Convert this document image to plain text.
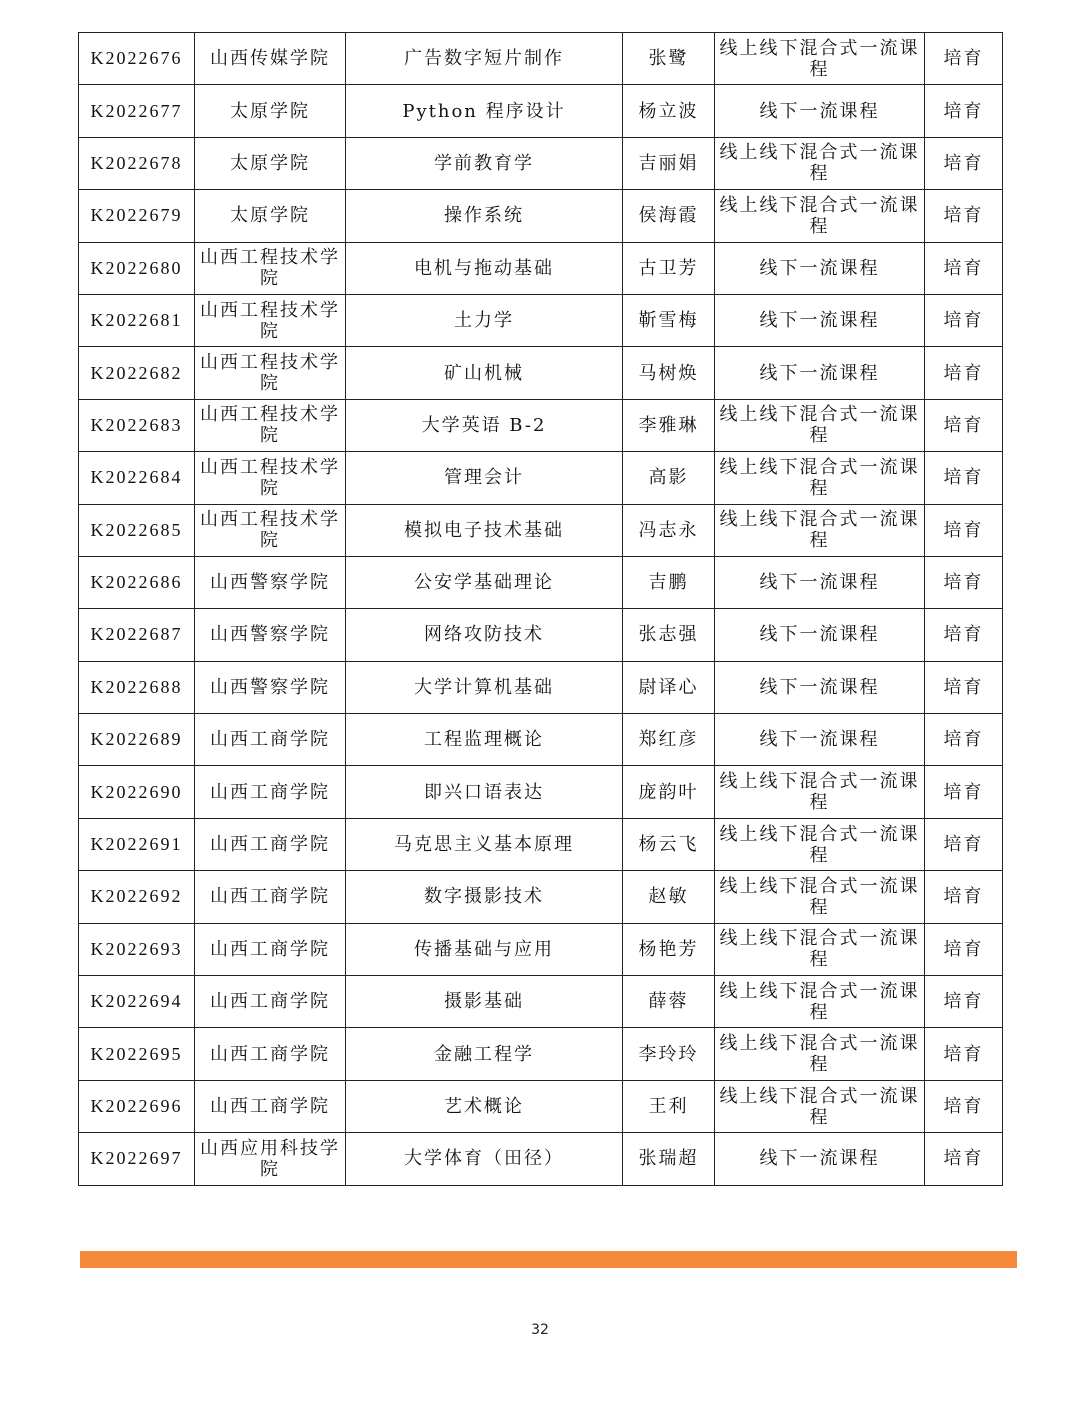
K2022676	山西传媒学院	广告数字短片制作	张鹭	线上线下混合式一流课程	培育

K2022677	太原学院	Python 程序设计	杨立波	线下一流课程	培育

K2022678	太原学院	学前教育学	吉丽娟	线上线下混合式一流课程	培育

K2022679	太原学院	操作系统	侯海霞	线上线下混合式一流课程	培育

K2022680	山西工程技术学院	电机与拖动基础	古卫芳	线下一流课程	培育

K2022681	山西工程技术学院	土力学	靳雪梅	线下一流课程	培育

K2022682	山西工程技术学院	矿山机械	马树焕	线下一流课程	培育

K2022683	山西工程技术学院	大学英语 B-2	李雅琳	线上线下混合式一流课程	培育

K2022684	山西工程技术学院	管理会计	高影	线上线下混合式一流课程	培育

K2022685	山西工程技术学院	模拟电子技术基础	冯志永	线上线下混合式一流课程	培育

K2022686	山西警察学院	公安学基础理论	吉鹏	线下一流课程	培育

K2022687	山西警察学院	网络攻防技术	张志强	线下一流课程	培育

K2022688	山西警察学院	大学计算机基础	尉译心	线下一流课程	培育

K2022689	山西工商学院	工程监理概论	郑红彦	线下一流课程	培育

K2022690	山西工商学院	即兴口语表达	庞韵叶	线上线下混合式一流课程	培育

K2022691	山西工商学院	马克思主义基本原理	杨云飞	线上线下混合式一流课程	培育

K2022692	山西工商学院	数字摄影技术	赵敏	线上线下混合式一流课程	培育

K2022693	山西工商学院	传播基础与应用	杨艳芳	线上线下混合式一流课程	培育

K2022694	山西工商学院	摄影基础	薛蓉	线上线下混合式一流课程	培育

K2022695	山西工商学院	金融工程学	李玲玲	线上线下混合式一流课程	培育

K2022696	山西工商学院	艺术概论	王利	线上线下混合式一流课程	培育

K2022697	山西应用科技学院	大学体育（田径）	张瑞超	线下一流课程	培育
32
